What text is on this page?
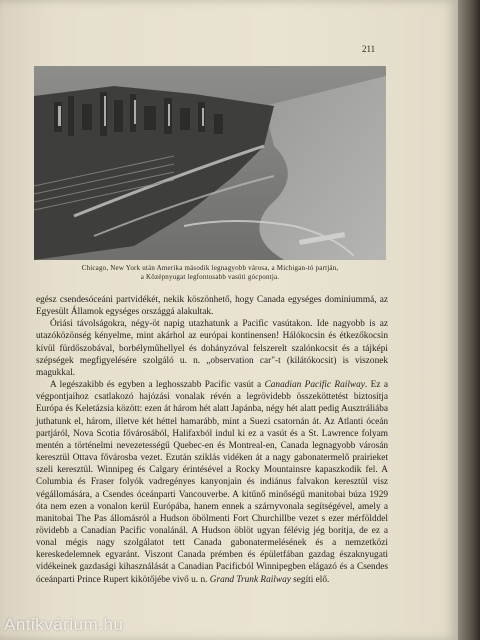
211
Chicago, New York után Amerika második legnagyobb városa, a Michigan-tó partján,
a Középnyugat legfontosabb vasúti gócpontja.

egész csendesóceáni partvidékét, nekik köszönhető, hogy Canada egységes dominiummá, az Egyesült Államok egységes országgá alakultak.

Óriási távolságokra, négy-öt napig utazhatunk a Pacific vasútakon. Ide nagyobb is az utazóközönség kényelme, mint akárhol az európai kontinensen! Hálókocsin és étkezőkocsin kívül fürdőszobával, borbélyműhellyel és dohányzóval felszerelt szalónkocsit és a tájképi szépségek megfigyelésére szolgáló u. n. „observation car"-t (kilátókocsit) is viszonek magukkal.

A legészakibb és egyben a leghosszabb Pacific vasút a Canadian Pacific Railway. Ez a végpontjaihoz csatlakozó hajózási vonalak révén a legrövidebb összeköttetést biztosítja Európa és Keletázsia között: ezen át három hét alatt Japánba, négy hét alatt pedig Ausztráliába juthatunk el, három, illetve két héttel hamarább, mint a Suezi csatornán át. Az Atlanti óceán partjáról, Nova Scotia fővárosából, Halifaxból indul ki ez a vasút és a St. Lawrence folyam mentén a történelmi nevezetességű Quebec-en és Montreal-en, Canada legnagyobb városán keresztül Ottava fővárosba vezet. Ezután sziklás vidéken át a nagy gabonatermelő prairieket szeli keresztül. Winnipeg és Calgary érintésével a Rocky Mountainsre kapaszkodik fel. A Columbia és Fraser folyók vadregényes kanyonjain és indiánus falvakon keresztül visz végállomására, a Csendes óceánparti Vancouverbe. A kitűnő minőségű manitobai búza 1929 óta nem ezen a vonalon kerül Európába, hanem ennek a szárnyvonala segítségével, amely a manitobai The Pas állomásról a Hudson öbölmenti Fort Churchillbe vezet s ezer mérfölddel rövidebb a Canadian Pacific vonalánál. A Hudson öblöt ugyan félévig jég borítja, de ez a vonal mégis nagy szolgálatot tett Canada gabonatermelésének és a nemzetközi kereskedelemnek egyaránt. Viszont Canada prémben és épületfában gazdag északnyugati vidékeinek gazdasági kihasználását a Canadian Pacificból Winnipegben elágazó és a Csendes óceánparti Prince Rupert kikötőjébe vivő u. n. Grand Trunk Railway segíti elő.

Antikvárium.hu
